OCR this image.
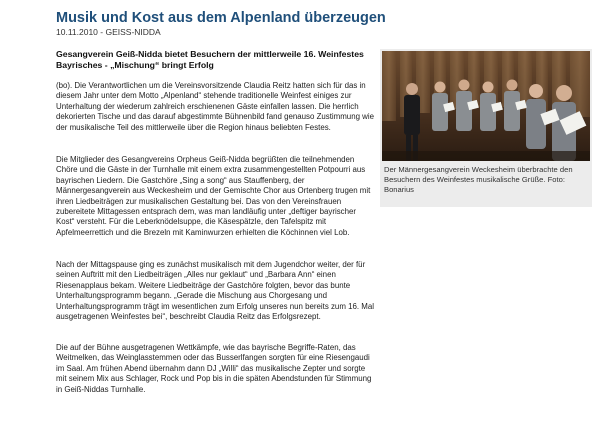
Musik und Kost aus dem Alpenland überzeugen
10.11.2010 - GEISS-NIDDA

Gesangverein Geiß-Nidda bietet Besuchern der mittlerweile 16. Weinfestes Bayrisches - „Mischung“ bringt Erfolg

(bo). Die Verantwortlichen um die Vereinsvorsitzende Claudia Reitz hatten sich für das in diesem Jahr unter dem Motto „Alpenland“ stehende traditionelle Weinfest einiges zur Unterhaltung der wiederum zahlreich erschienenen Gäste einfallen lassen. Die herrlich dekorierten Tische und das darauf abgestimmte Bühnenbild fand genauso Zustimmung wie der musikalische Teil des mittlerweile über die Region hinaus beliebten Festes.

Die Mitglieder des Gesangvereins Orpheus Geiß-Nidda begrüßten die teilnehmenden Chöre und die Gäste in der Turnhalle mit einem extra zusammengestellten Potpourri aus bayrischen Liedern. Die Gastchöre „Sing a song“ aus Stauffenberg, der Männergesangverein aus Weckesheim und der Gemischte Chor aus Ortenberg trugen mit ihren Liedbeiträgen zur musikalischen Gestaltung bei. Das von den Vereinsfrauen zubereitete Mittagessen entsprach dem, was man landläufig unter „deftiger bayrischer Kost“ versteht. Für die Leberknödelsuppe, die Käsespätzle, den Tafelspitz mit Apfelmeerrettich und die Brezeln mit Kaminwurzen erhielten die Köchinnen viel Lob.

Nach der Mittagspause ging es zunächst musikalisch mit dem Jugendchor weiter, der für seinen Auftritt mit den Liedbeiträgen „Alles nur geklaut“ und „Barbara Ann“ einen Riesenapplaus bekam. Weitere Liedbeiträge der Gastchöre folgten, bevor das bunte Unterhaltungsprogramm begann. „Gerade die Mischung aus Chorgesang und Unterhaltungsprogramm trägt im wesentlichen zum Erfolg unseres nun bereits zum 16. Mal ausgetragenen Weinfestes bei“, beschreibt Claudia Reitz das Erfolgsrezept.

Die auf der Bühne ausgetragenen Wettkämpfe, wie das bayrische Begriffe-Raten, das Weitmelken, das Weinglasstemmen oder das Busserlfangen sorgten für eine Riesengaudi im Saal. Am frühen Abend übernahm dann DJ „Willi“ das musikalische Zepter und sorgte mit seinem Mix aus Schlager, Rock und Pop bis in die späten Abendstunden für Stimmung in Geiß-Niddas Turnhalle.

Der Männergesangverein Weckesheim überbrachte den Besuchern des Weinfestes musikalische Grüße. Foto: Bonarius
